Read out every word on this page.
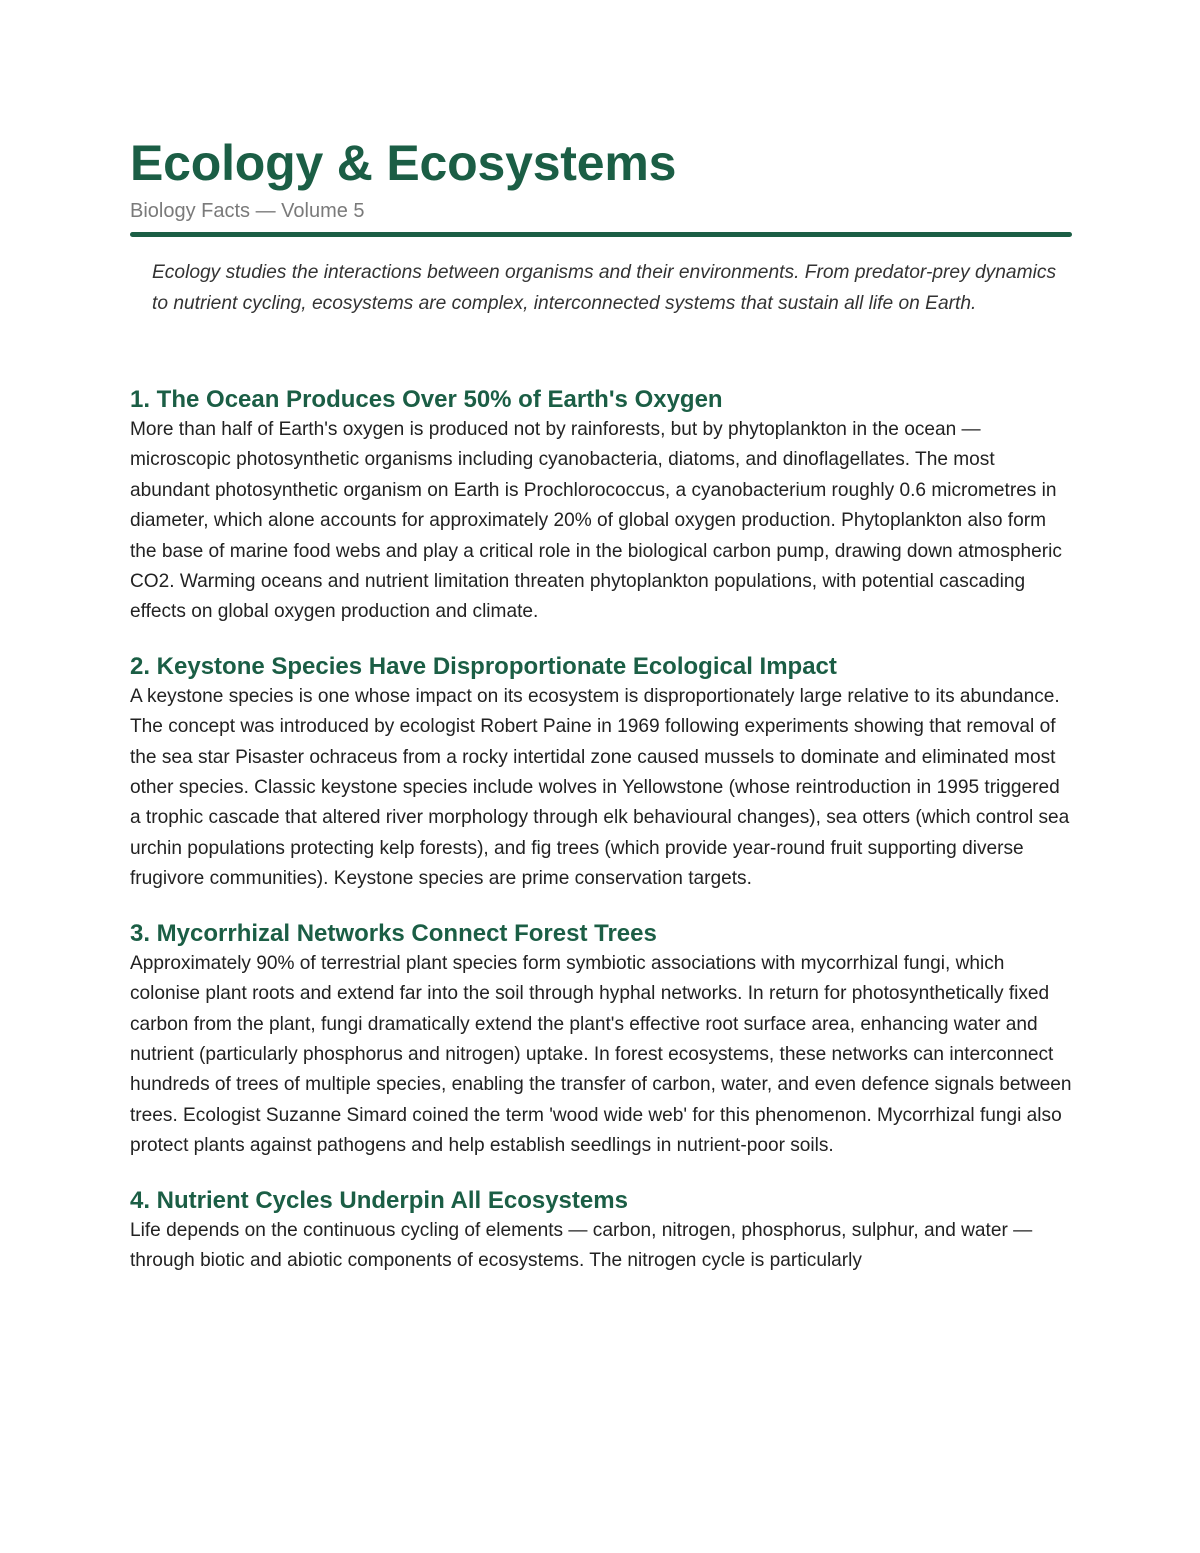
Ecology & Ecosystems
Biology Facts — Volume 5

Ecology studies the interactions between organisms and their environments. From predator-prey dynamics to nutrient cycling, ecosystems are complex, interconnected systems that sustain all life on Earth.

1. The Ocean Produces Over 50% of Earth's Oxygen

More than half of Earth's oxygen is produced not by rainforests, but by phytoplankton in the ocean — microscopic photosynthetic organisms including cyanobacteria, diatoms, and dinoflagellates. The most abundant photosynthetic organism on Earth is Prochlorococcus, a cyanobacterium roughly 0.6 micrometres in diameter, which alone accounts for approximately 20% of global oxygen production. Phytoplankton also form the base of marine food webs and play a critical role in the biological carbon pump, drawing down atmospheric CO2. Warming oceans and nutrient limitation threaten phytoplankton populations, with potential cascading effects on global oxygen production and climate.

2. Keystone Species Have Disproportionate Ecological Impact

A keystone species is one whose impact on its ecosystem is disproportionately large relative to its abundance. The concept was introduced by ecologist Robert Paine in 1969 following experiments showing that removal of the sea star Pisaster ochraceus from a rocky intertidal zone caused mussels to dominate and eliminated most other species. Classic keystone species include wolves in Yellowstone (whose reintroduction in 1995 triggered a trophic cascade that altered river morphology through elk behavioural changes), sea otters (which control sea urchin populations protecting kelp forests), and fig trees (which provide year-round fruit supporting diverse frugivore communities). Keystone species are prime conservation targets.

3. Mycorrhizal Networks Connect Forest Trees

Approximately 90% of terrestrial plant species form symbiotic associations with mycorrhizal fungi, which colonise plant roots and extend far into the soil through hyphal networks. In return for photosynthetically fixed carbon from the plant, fungi dramatically extend the plant's effective root surface area, enhancing water and nutrient (particularly phosphorus and nitrogen) uptake. In forest ecosystems, these networks can interconnect hundreds of trees of multiple species, enabling the transfer of carbon, water, and even defence signals between trees. Ecologist Suzanne Simard coined the term 'wood wide web' for this phenomenon. Mycorrhizal fungi also protect plants against pathogens and help establish seedlings in nutrient-poor soils.

4. Nutrient Cycles Underpin All Ecosystems

Life depends on the continuous cycling of elements — carbon, nitrogen, phosphorus, sulphur, and water — through biotic and abiotic components of ecosystems. The nitrogen cycle is particularly
